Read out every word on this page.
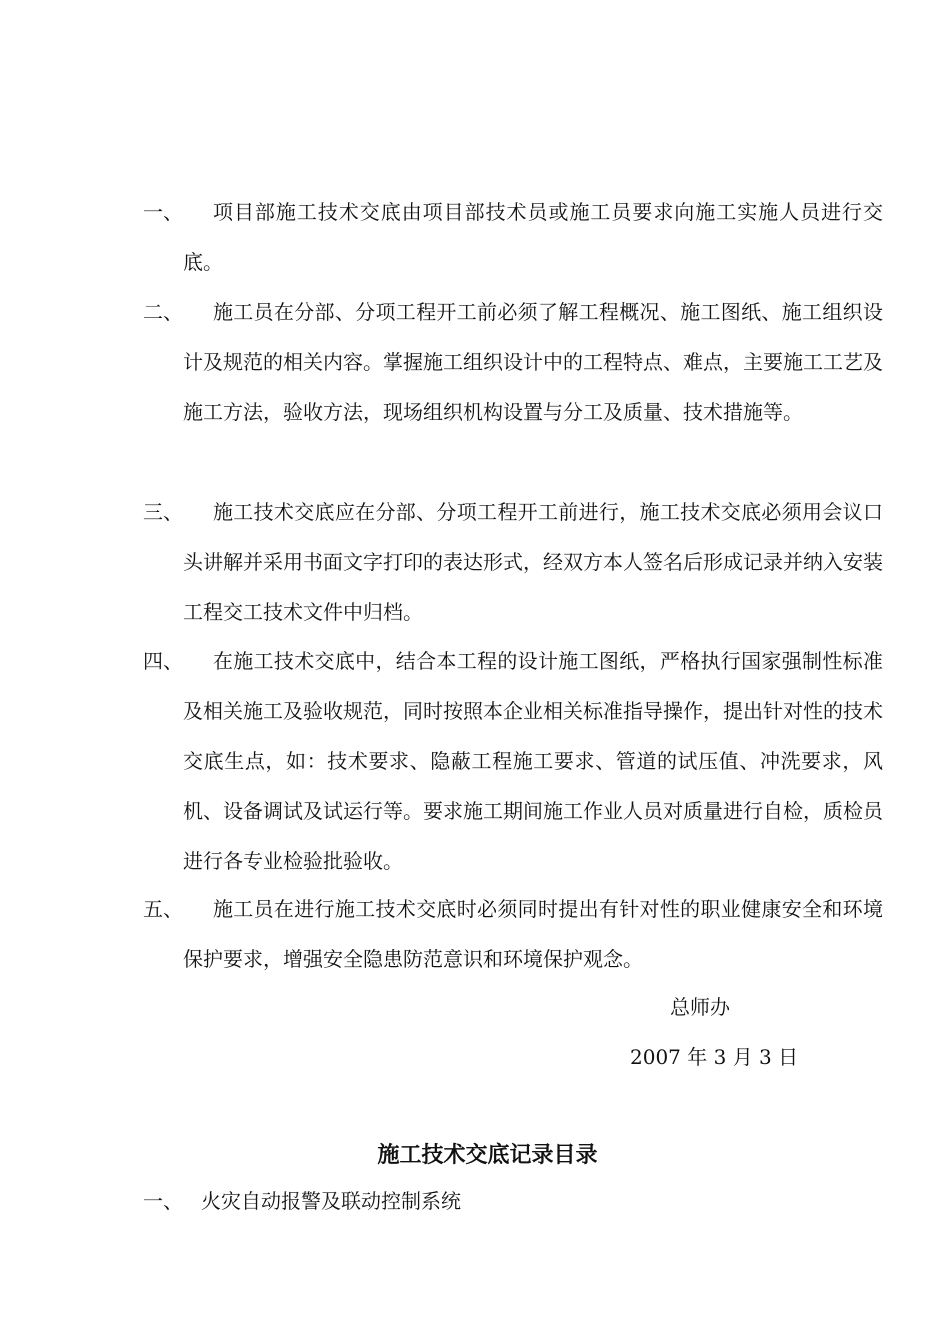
一、	项目部施工技术交底由项目部技术员或施工员要求向施工实施人员进行交底。
二、	施工员在分部、分项工程开工前必须了解工程概况、施工图纸、施工组织设计及规范的相关内容。掌握施工组织设计中的工程特点、难点，主要施工工艺及施工方法，验收方法，现场组织机构设置与分工及质量、技术措施等。
三、	施工技术交底应在分部、分项工程开工前进行，施工技术交底必须用会议口头讲解并采用书面文字打印的表达形式，经双方本人签名后形成记录并纳入安装工程交工技术文件中归档。
四、	在施工技术交底中，结合本工程的设计施工图纸，严格执行国家强制性标准及相关施工及验收规范，同时按照本企业相关标准指导操作，提出针对性的技术交底生点，如：技术要求、隐蔽工程施工要求、管道的试压值、冲洗要求，风机、设备调试及试运行等。要求施工期间施工作业人员对质量进行自检，质检员进行各专业检验批验收。
五、	施工员在进行施工技术交底时必须同时提出有针对性的职业健康安全和环境保护要求，增强安全隐患防范意识和环境保护观念。
总师办
2007 年 3 月 3 日
施工技术交底记录目录
一、 火灾自动报警及联动控制系统
